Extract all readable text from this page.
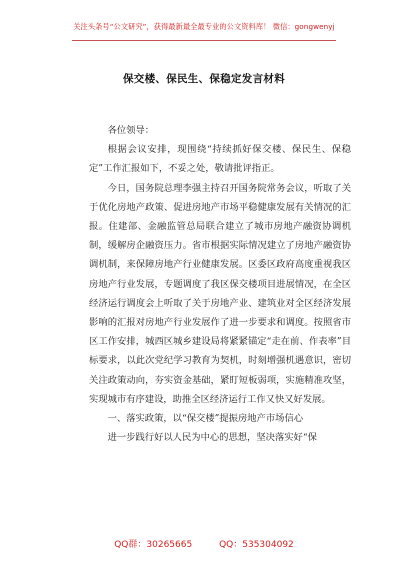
关注头条号“公文研究”，获得最新最全最专业的公文资料库！ 微信：gongwenyj
保交楼、保民生、保稳定发言材料

各位领导：

根据会议安排，现围绕“持续抓好保交楼、保民生、保稳定”工作汇报如下，不妥之处，敬请批评指正。

今日，国务院总理李强主持召开国务院常务会议，听取了关于优化房地产政策、促进房地产市场平稳健康发展有关情况的汇报。住建部、金融监管总局联合建立了城市房地产融资协调机制，缓解房企融资压力。省市根据实际情况建立了房地产融资协调机制，来保障房地产行业健康发展。区委区政府高度重视我区房地产行业发展，专题调度了我区保交楼项目进展情况，在全区经济运行调度会上听取了关于房地产业、建筑业对全区经济发展影响的汇报对房地产行业发展作了进一步要求和调度。按照省市区工作安排，城西区城乡建设局将紧紧锚定“走在前、作表率”目标要求，以此次党纪学习教育为契机，时刻增强机遇意识，密切关注政策动向，夯实资金基础，紧盯短板弱项，实施精准攻坚，实现城市有序建设，助推全区经济运行工作又快又好发展。

一、落实政策，以“保交楼”提振房地产市场信心

进一步践行好以人民为中心的思想，坚决落实好“保

QQ群：30265665	QQ：535304092
